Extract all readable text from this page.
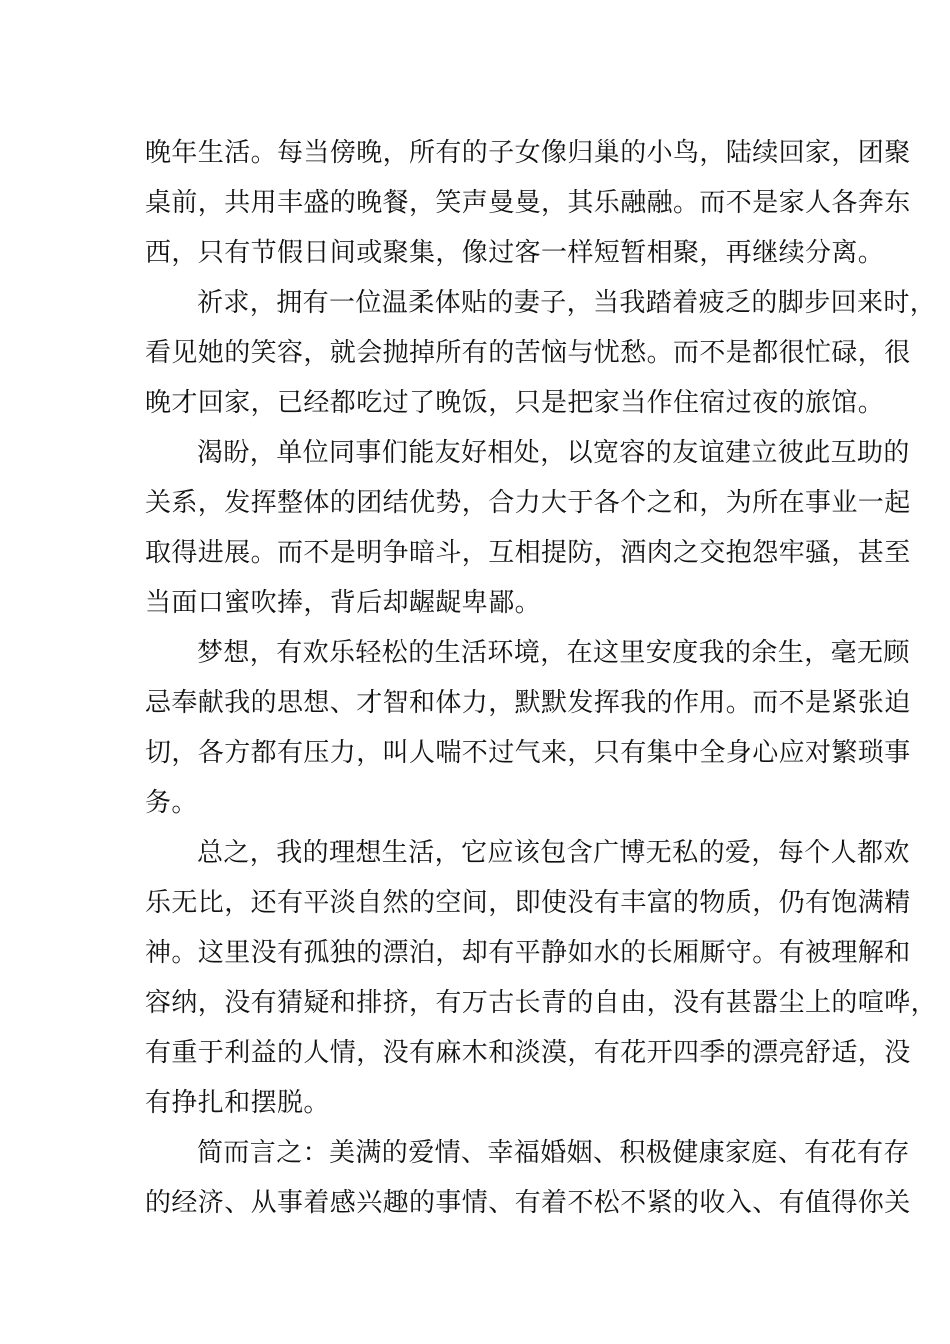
晚年生活。每当傍晚，所有的子女像归巢的小鸟，陆续回家，团聚
桌前，共用丰盛的晚餐，笑声曼曼，其乐融融。而不是家人各奔东
西，只有节假日间或聚集，像过客一样短暂相聚，再继续分离。
祈求，拥有一位温柔体贴的妻子，当我踏着疲乏的脚步回来时，
看见她的笑容，就会抛掉所有的苦恼与忧愁。而不是都很忙碌，很
晚才回家，已经都吃过了晚饭，只是把家当作住宿过夜的旅馆。
渴盼，单位同事们能友好相处，以宽容的友谊建立彼此互助的
关系，发挥整体的团结优势，合力大于各个之和，为所在事业一起
取得进展。而不是明争暗斗，互相提防，酒肉之交抱怨牢骚，甚至
当面口蜜吹捧，背后却龌龊卑鄙。
梦想，有欢乐轻松的生活环境，在这里安度我的余生，毫无顾
忌奉献我的思想、才智和体力，默默发挥我的作用。而不是紧张迫
切，各方都有压力，叫人喘不过气来，只有集中全身心应对繁琐事
务。
总之，我的理想生活，它应该包含广博无私的爱，每个人都欢
乐无比，还有平淡自然的空间，即使没有丰富的物质，仍有饱满精
神。这里没有孤独的漂泊，却有平静如水的长厢厮守。有被理解和
容纳，没有猜疑和排挤，有万古长青的自由，没有甚嚣尘上的喧哗，
有重于利益的人情，没有麻木和淡漠，有花开四季的漂亮舒适，没
有挣扎和摆脱。
简而言之：美满的爱情、幸福婚姻、积极健康家庭、有花有存
的经济、从事着感兴趣的事情、有着不松不紧的收入、有值得你关
